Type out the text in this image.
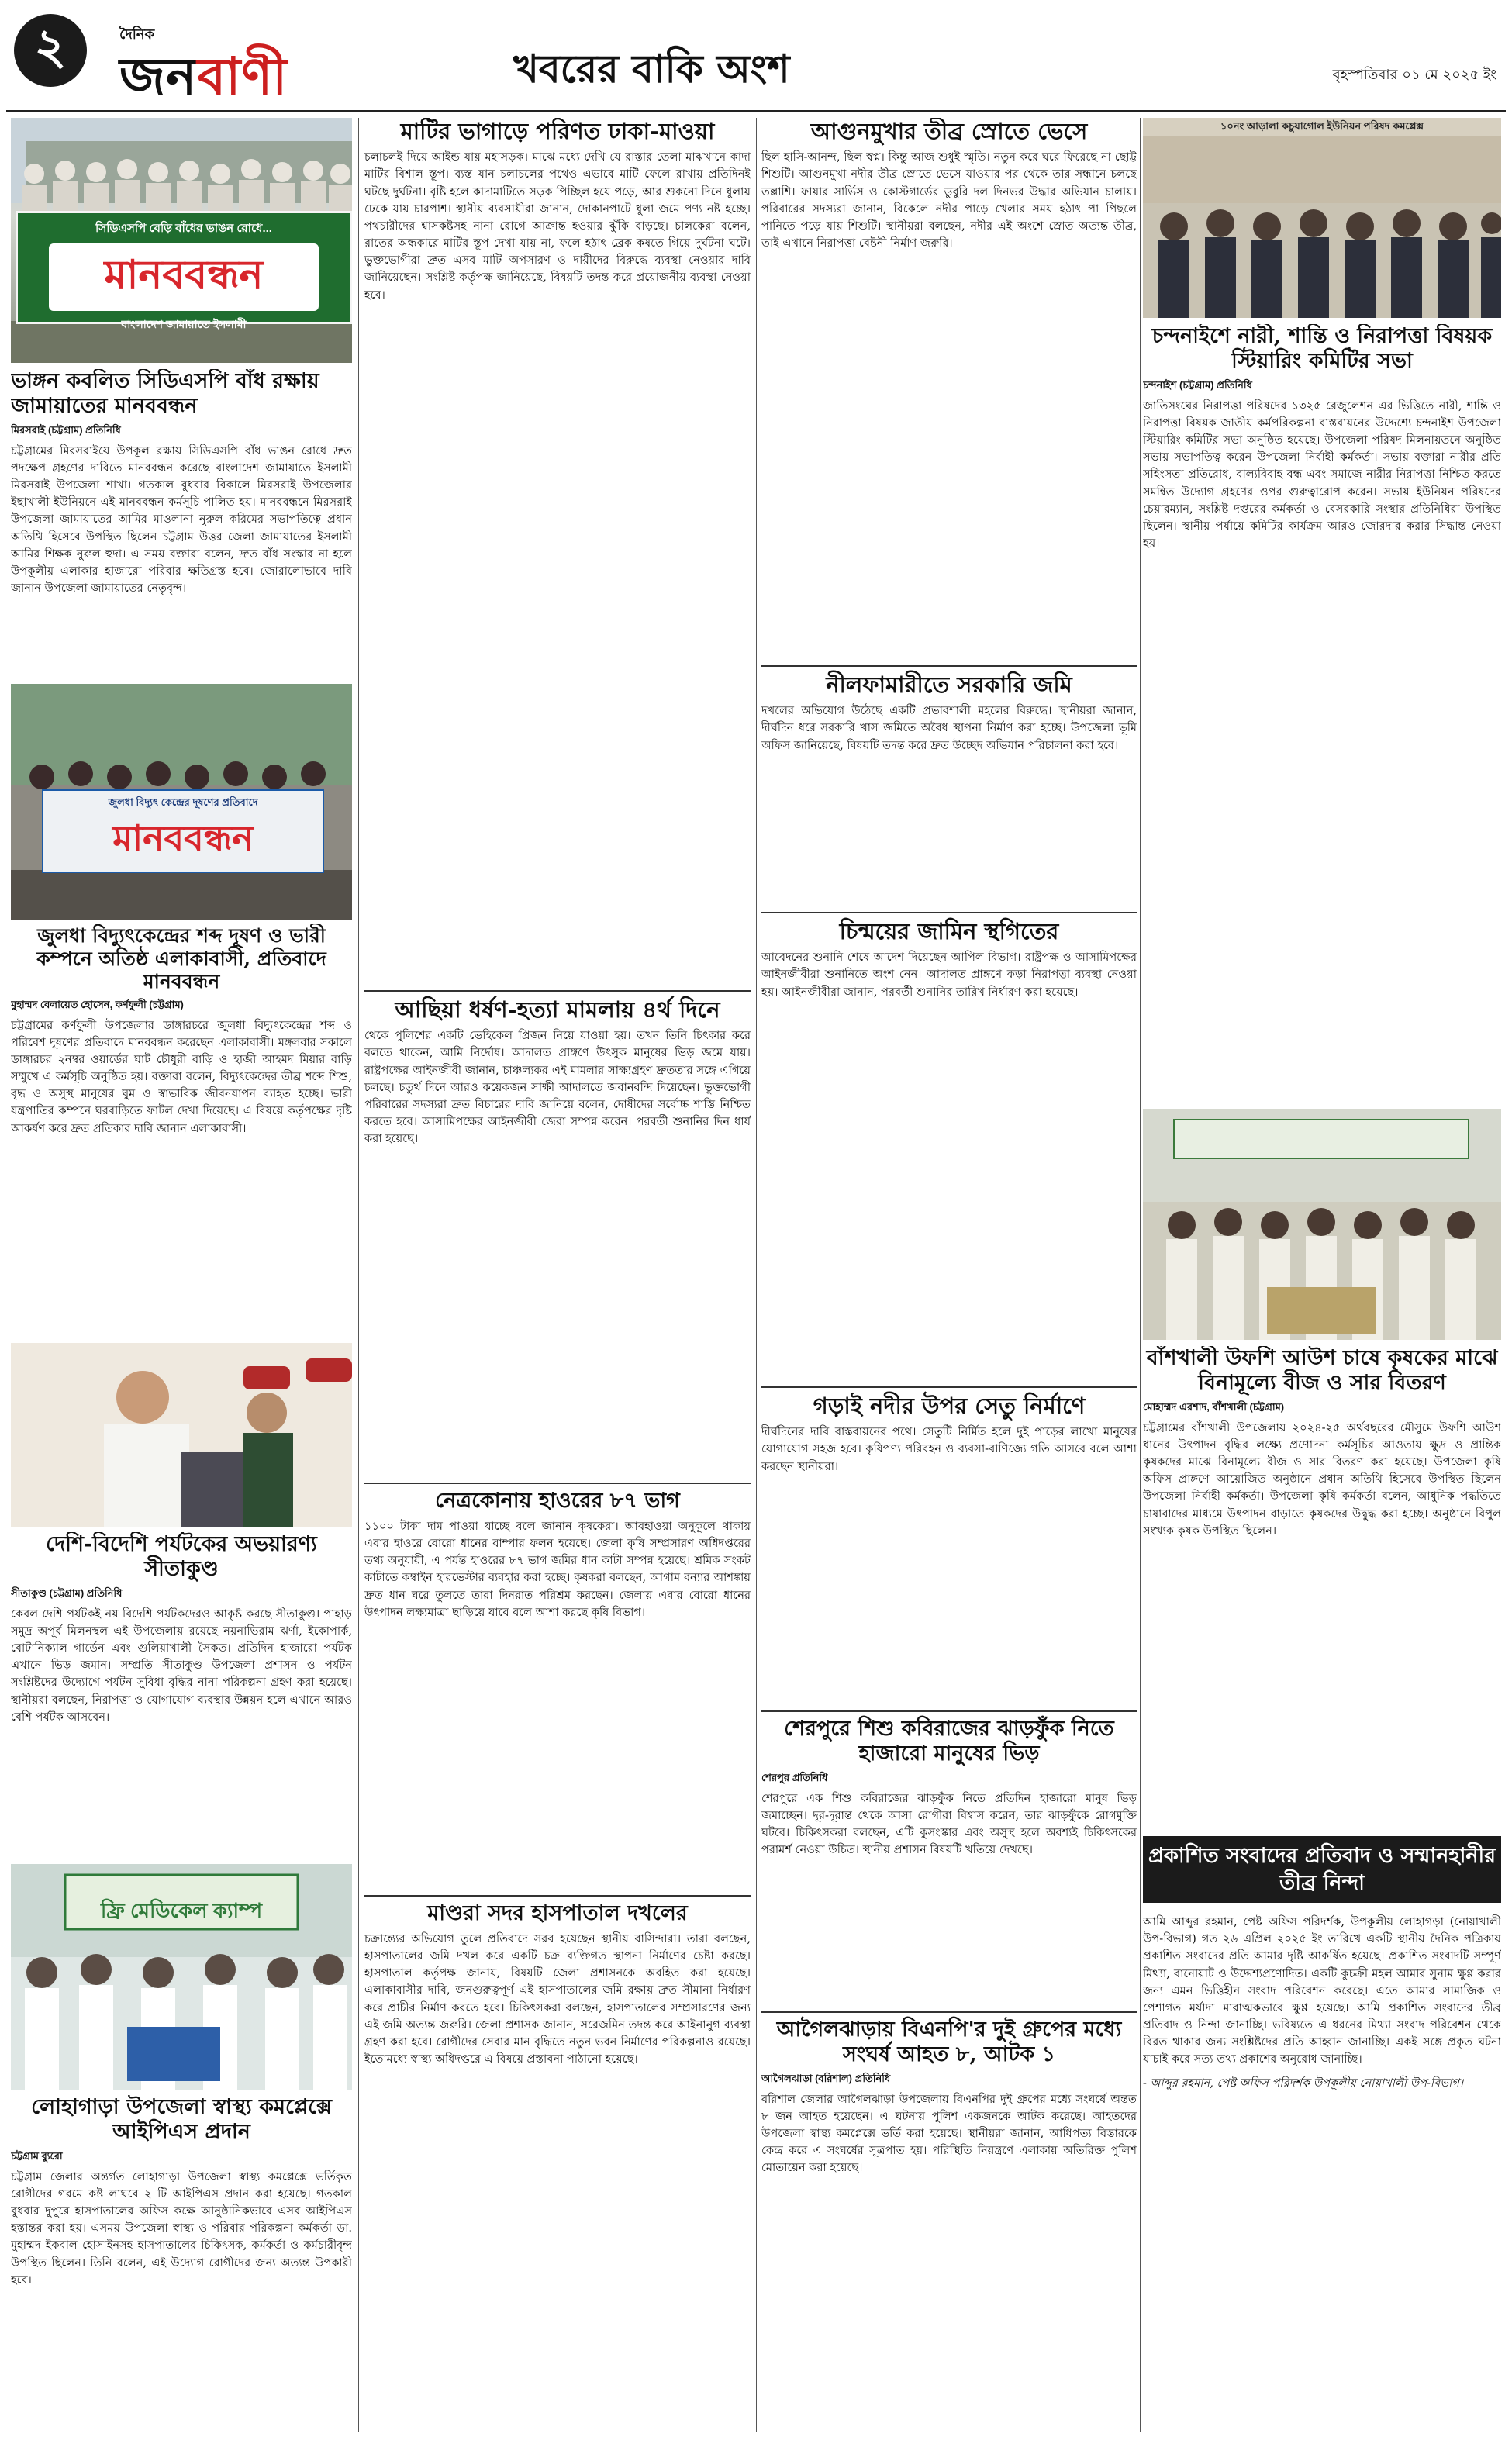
২	দৈনিক
জনবাণী	খবরের বাকি অংশ	বৃহস্পতিবার ০১ মে ২০২৫ ইং
সিডিএসপি বেড়ি বাঁধের ভাঙন রোধে...
মানববন্ধন
বাংলাদেশ জামায়াতে ইসলামী
ভাঙ্গন কবলিত সিডিএসপি বাঁধ রক্ষায় জামায়াতের মানববন্ধন
মিরসরাই (চট্টগ্রাম) প্রতিনিধি

চট্টগ্রামের মিরসরাইয়ে উপকূল রক্ষায় সিডিএসপি বাঁধ ভাঙন রোধে দ্রুত পদক্ষেপ গ্রহণের দাবিতে মানববন্ধন করেছে বাংলাদেশ জামায়াতে ইসলামী মিরসরাই উপজেলা শাখা। গতকাল বুধবার বিকালে মিরসরাই উপজেলার ইছাখালী ইউনিয়নে এই মানববন্ধন কর্মসূচি পালিত হয়। মানববন্ধনে মিরসরাই উপজেলা জামায়াতের আমির মাওলানা নুরুল করিমের সভাপতিত্বে প্রধান অতিথি হিসেবে উপস্থিত ছিলেন চট্টগ্রাম উত্তর জেলা জামায়াতের ইসলামী আমির শিক্ষক নুরুল হুদা। এ সময় বক্তারা বলেন, দ্রুত বাঁধ সংস্কার না হলে উপকূলীয় এলাকার হাজারো পরিবার ক্ষতিগ্রস্ত হবে। জোরালোভাবে দাবি জানান উপজেলা জামায়াতের নেতৃবৃন্দ।

জুলধা বিদ্যুৎ কেন্দ্রের দূষণের প্রতিবাদে
মানববন্ধন
জুলধা বিদ্যুৎকেন্দ্রের শব্দ দূষণ ও ভারী কম্পনে অতিষ্ঠ এলাকাবাসী, প্রতিবাদে মানববন্ধন
মুহাম্মদ বেলায়েত হোসেন, কর্ণফুলী (চট্টগ্রাম)

চট্টগ্রামের কর্ণফুলী উপজেলার ডাঙ্গারচরে জুলধা বিদ্যুৎকেন্দ্রের শব্দ ও পরিবেশ দূষণের প্রতিবাদে মানববন্ধন করেছেন এলাকাবাসী। মঙ্গলবার সকালে ডাঙ্গারচর ২নম্বর ওয়ার্ডের ঘাট চৌধুরী বাড়ি ও হাজী আহমদ মিয়ার বাড়ি সম্মুখে এ কর্মসূচি অনুষ্ঠিত হয়। বক্তারা বলেন, বিদ্যুৎকেন্দ্রের তীব্র শব্দে শিশু, বৃদ্ধ ও অসুস্থ মানুষের ঘুম ও স্বাভাবিক জীবনযাপন ব্যাহত হচ্ছে। ভারী যন্ত্রপাতির কম্পনে ঘরবাড়িতে ফাটল দেখা দিয়েছে। এ বিষয়ে কর্তৃপক্ষের দৃষ্টি আকর্ষণ করে দ্রুত প্রতিকার দাবি জানান এলাকাবাসী।

দেশি-বিদেশি পর্যটকের অভয়ারণ্য সীতাকুণ্ড
সীতাকুণ্ড (চট্টগ্রাম) প্রতিনিধি

কেবল দেশি পর্যটকই নয় বিদেশি পর্যটকদেরও আকৃষ্ট করছে সীতাকুণ্ড। পাহাড় সমুদ্র অপূর্ব মিলনস্থল এই উপজেলায় রয়েছে নয়নাভিরাম ঝর্ণা, ইকোপার্ক, বোটানিক্যাল গার্ডেন এবং গুলিয়াখালী সৈকত। প্রতিদিন হাজারো পর্যটক এখানে ভিড় জমান। সম্প্রতি সীতাকুণ্ড উপজেলা প্রশাসন ও পর্যটন সংশ্লিষ্টদের উদ্যোগে পর্যটন সুবিধা বৃদ্ধির নানা পরিকল্পনা গ্রহণ করা হয়েছে। স্থানীয়রা বলছেন, নিরাপত্তা ও যোগাযোগ ব্যবস্থার উন্নয়ন হলে এখানে আরও বেশি পর্যটক আসবেন।

ফ্রি মেডিকেল ক্যাম্প
লোহাগাড়া উপজেলা স্বাস্থ্য কমপ্লেক্সে আইপিএস প্রদান
চট্টগ্রাম ব্যুরো

চট্টগ্রাম জেলার অন্তর্গত লোহাগাড়া উপজেলা স্বাস্থ্য কমপ্লেক্সে ভর্তিকৃত রোগীদের গরমে কষ্ট লাঘবে ২ টি আইপিএস প্রদান করা হয়েছে। গতকাল বুধবার দুপুরে হাসপাতালের অফিস কক্ষে আনুষ্ঠানিকভাবে এসব আইপিএস হস্তান্তর করা হয়। এসময় উপজেলা স্বাস্থ্য ও পরিবার পরিকল্পনা কর্মকর্তা ডা. মুহাম্মদ ইকবাল হোসাইনসহ হাসপাতালের চিকিৎসক, কর্মকর্তা ও কর্মচারীবৃন্দ উপস্থিত ছিলেন। তিনি বলেন, এই উদ্যোগ রোগীদের জন্য অত্যন্ত উপকারী হবে।

মাটির ভাগাড়ে পরিণত ঢাকা-মাওয়া

চলাচলই দিয়ে আইন্ড যায় মহাসড়ক। মাঝে মধ্যে দেখি যে রাস্তার তেলা মাঝখানে কাদা মাটির বিশাল স্তূপ। ব্যস্ত যান চলাচলের পথেও এভাবে মাটি ফেলে রাখায় প্রতিদিনই ঘটছে দুর্ঘটনা। বৃষ্টি হলে কাদামাটিতে সড়ক পিচ্ছিল হয়ে পড়ে, আর শুকনো দিনে ধুলায় ঢেকে যায় চারপাশ। স্থানীয় ব্যবসায়ীরা জানান, দোকানপাটে ধুলা জমে পণ্য নষ্ট হচ্ছে। পথচারীদের শ্বাসকষ্টসহ নানা রোগে আক্রান্ত হওয়ার ঝুঁকি বাড়ছে। চালকেরা বলেন, রাতের অন্ধকারে মাটির স্তূপ দেখা যায় না, ফলে হঠাৎ ব্রেক কষতে গিয়ে দুর্ঘটনা ঘটে। ভুক্তভোগীরা দ্রুত এসব মাটি অপসারণ ও দায়ীদের বিরুদ্ধে ব্যবস্থা নেওয়ার দাবি জানিয়েছেন। সংশ্লিষ্ট কর্তৃপক্ষ জানিয়েছে, বিষয়টি তদন্ত করে প্রয়োজনীয় ব্যবস্থা নেওয়া হবে।

আছিয়া ধর্ষণ-হত্যা মামলায় ৪র্থ দিনে

থেকে পুলিশের একটি ভেহিকেল প্রিজন নিয়ে যাওয়া হয়। তখন তিনি চিৎকার করে বলতে থাকেন, আমি নির্দোষ। আদালত প্রাঙ্গণে উৎসুক মানুষের ভিড় জমে যায়। রাষ্ট্রপক্ষের আইনজীবী জানান, চাঞ্চল্যকর এই মামলার সাক্ষ্যগ্রহণ দ্রুততার সঙ্গে এগিয়ে চলছে। চতুর্থ দিনে আরও কয়েকজন সাক্ষী আদালতে জবানবন্দি দিয়েছেন। ভুক্তভোগী পরিবারের সদস্যরা দ্রুত বিচারের দাবি জানিয়ে বলেন, দোষীদের সর্বোচ্চ শাস্তি নিশ্চিত করতে হবে। আসামিপক্ষের আইনজীবী জেরা সম্পন্ন করেন। পরবর্তী শুনানির দিন ধার্য করা হয়েছে।

নেত্রকোনায় হাওরের ৮৭ ভাগ

১১০০ টাকা দাম পাওয়া যাচ্ছে বলে জানান কৃষকেরা। আবহাওয়া অনুকূলে থাকায় এবার হাওরে বোরো ধানের বাম্পার ফলন হয়েছে। জেলা কৃষি সম্প্রসারণ অধিদপ্তরের তথ্য অনুযায়ী, এ পর্যন্ত হাওরের ৮৭ ভাগ জমির ধান কাটা সম্পন্ন হয়েছে। শ্রমিক সংকট কাটাতে কম্বাইন হারভেস্টার ব্যবহার করা হচ্ছে। কৃষকরা বলছেন, আগাম বন্যার আশঙ্কায় দ্রুত ধান ঘরে তুলতে তারা দিনরাত পরিশ্রম করছেন। জেলায় এবার বোরো ধানের উৎপাদন লক্ষ্যমাত্রা ছাড়িয়ে যাবে বলে আশা করছে কৃষি বিভাগ।

মাণ্ডরা সদর হাসপাতাল দখলের

চক্রান্ত্যের অভিযোগ তুলে প্রতিবাদে সরব হয়েছেন স্থানীয় বাসিন্দারা। তারা বলছেন, হাসপাতালের জমি দখল করে একটি চক্র ব্যক্তিগত স্থাপনা নির্মাণের চেষ্টা করছে। হাসপাতাল কর্তৃপক্ষ জানায়, বিষয়টি জেলা প্রশাসনকে অবহিত করা হয়েছে। এলাকাবাসীর দাবি, জনগুরুত্বপূর্ণ এই হাসপাতালের জমি রক্ষায় দ্রুত সীমানা নির্ধারণ করে প্রাচীর নির্মাণ করতে হবে। চিকিৎসকরা বলছেন, হাসপাতালের সম্প্রসারণের জন্য এই জমি অত্যন্ত জরুরি। জেলা প্রশাসক জানান, সরেজমিন তদন্ত করে আইনানুগ ব্যবস্থা গ্রহণ করা হবে। রোগীদের সেবার মান বৃদ্ধিতে নতুন ভবন নির্মাণের পরিকল্পনাও রয়েছে। ইতোমধ্যে স্বাস্থ্য অধিদপ্তরে এ বিষয়ে প্রস্তাবনা পাঠানো হয়েছে।

আগুনমুখার তীব্র স্রোতে ভেসে

ছিল হাসি-আনন্দ, ছিল স্বপ্ন। কিন্তু আজ শুধুই স্মৃতি। নতুন করে ঘরে ফিরেছে না ছোট্ট শিশুটি। আগুনমুখা নদীর তীব্র স্রোতে ভেসে যাওয়ার পর থেকে তার সন্ধানে চলছে তল্লাশি। ফায়ার সার্ভিস ও কোস্টগার্ডের ডুবুরি দল দিনভর উদ্ধার অভিযান চালায়। পরিবারের সদস্যরা জানান, বিকেলে নদীর পাড়ে খেলার সময় হঠাৎ পা পিছলে পানিতে পড়ে যায় শিশুটি। স্থানীয়রা বলছেন, নদীর এই অংশে স্রোত অত্যন্ত তীব্র, তাই এখানে নিরাপত্তা বেষ্টনী নির্মাণ জরুরি।

নীলফামারীতে সরকারি জমি

দখলের অভিযোগ উঠেছে একটি প্রভাবশালী মহলের বিরুদ্ধে। স্থানীয়রা জানান, দীর্ঘদিন ধরে সরকারি খাস জমিতে অবৈধ স্থাপনা নির্মাণ করা হচ্ছে। উপজেলা ভূমি অফিস জানিয়েছে, বিষয়টি তদন্ত করে দ্রুত উচ্ছেদ অভিযান পরিচালনা করা হবে।

চিন্ময়ের জামিন স্থগিতের

আবেদনের শুনানি শেষে আদেশ দিয়েছেন আপিল বিভাগ। রাষ্ট্রপক্ষ ও আসামিপক্ষের আইনজীবীরা শুনানিতে অংশ নেন। আদালত প্রাঙ্গণে কড়া নিরাপত্তা ব্যবস্থা নেওয়া হয়। আইনজীবীরা জানান, পরবর্তী শুনানির তারিখ নির্ধারণ করা হয়েছে।

গড়াই নদীর উপর সেতু নির্মাণে

দীর্ঘদিনের দাবি বাস্তবায়নের পথে। সেতুটি নির্মিত হলে দুই পাড়ের লাখো মানুষের যোগাযোগ সহজ হবে। কৃষিপণ্য পরিবহন ও ব্যবসা-বাণিজ্যে গতি আসবে বলে আশা করছেন স্থানীয়রা।

শেরপুরে শিশু কবিরাজের ঝাড়ফুঁক নিতে হাজারো মানুষের ভিড়
শেরপুর প্রতিনিধি

শেরপুরে এক শিশু কবিরাজের ঝাড়ফুঁক নিতে প্রতিদিন হাজারো মানুষ ভিড় জমাচ্ছেন। দূর-দূরান্ত থেকে আসা রোগীরা বিশ্বাস করেন, তার ঝাড়ফুঁকে রোগমুক্তি ঘটবে। চিকিৎসকরা বলছেন, এটি কুসংস্কার এবং অসুস্থ হলে অবশ্যই চিকিৎসকের পরামর্শ নেওয়া উচিত। স্থানীয় প্রশাসন বিষয়টি খতিয়ে দেখছে।

আগৈলঝাড়ায় বিএনপি'র দুই গ্রুপের মধ্যে সংঘর্ষ আহত ৮, আটক ১
আগৈলঝাড়া (বরিশাল) প্রতিনিধি

বরিশাল জেলার আগৈলঝাড়া উপজেলায় বিএনপির দুই গ্রুপের মধ্যে সংঘর্ষে অন্তত ৮ জন আহত হয়েছেন। এ ঘটনায় পুলিশ একজনকে আটক করেছে। আহতদের উপজেলা স্বাস্থ্য কমপ্লেক্সে ভর্তি করা হয়েছে। স্থানীয়রা জানান, আধিপত্য বিস্তারকে কেন্দ্র করে এ সংঘর্ষের সূত্রপাত হয়। পরিস্থিতি নিয়ন্ত্রণে এলাকায় অতিরিক্ত পুলিশ মোতায়েন করা হয়েছে।

১০নং আড়ালা কচুয়াগোল ইউনিয়ন পরিষদ কমপ্লেক্স
চন্দনাইশে নারী, শান্তি ও নিরাপত্তা বিষয়ক স্টিয়ারিং কমিটির সভা
চন্দনাইশ (চট্টগ্রাম) প্রতিনিধি

জাতিসংঘের নিরাপত্তা পরিষদের ১৩২৫ রেজুলেশন এর ভিত্তিতে নারী, শান্তি ও নিরাপত্তা বিষয়ক জাতীয় কর্মপরিকল্পনা বাস্তবায়নের উদ্দেশ্যে চন্দনাইশ উপজেলা স্টিয়ারিং কমিটির সভা অনুষ্ঠিত হয়েছে। উপজেলা পরিষদ মিলনায়তনে অনুষ্ঠিত সভায় সভাপতিত্ব করেন উপজেলা নির্বাহী কর্মকর্তা। সভায় বক্তারা নারীর প্রতি সহিংসতা প্রতিরোধ, বাল্যবিবাহ বন্ধ এবং সমাজে নারীর নিরাপত্তা নিশ্চিত করতে সমন্বিত উদ্যোগ গ্রহণের ওপর গুরুত্বারোপ করেন। সভায় ইউনিয়ন পরিষদের চেয়ারম্যান, সংশ্লিষ্ট দপ্তরের কর্মকর্তা ও বেসরকারি সংস্থার প্রতিনিধিরা উপস্থিত ছিলেন। স্থানীয় পর্যায়ে কমিটির কার্যক্রম আরও জোরদার করার সিদ্ধান্ত নেওয়া হয়।

বাঁশখালী উফশি আউশ চাষে কৃষকের মাঝে বিনামূল্যে বীজ ও সার বিতরণ
মোহাম্মদ এরশাদ, বাঁশখালী (চট্টগ্রাম)

চট্টগ্রামের বাঁশখালী উপজেলায় ২০২৪-২৫ অর্থবছরের মৌসুমে উফশি আউশ ধানের উৎপাদন বৃদ্ধির লক্ষ্যে প্রণোদনা কর্মসূচির আওতায় ক্ষুদ্র ও প্রান্তিক কৃষকদের মাঝে বিনামূল্যে বীজ ও সার বিতরণ করা হয়েছে। উপজেলা কৃষি অফিস প্রাঙ্গণে আয়োজিত অনুষ্ঠানে প্রধান অতিথি হিসেবে উপস্থিত ছিলেন উপজেলা নির্বাহী কর্মকর্তা। উপজেলা কৃষি কর্মকর্তা বলেন, আধুনিক পদ্ধতিতে চাষাবাদের মাধ্যমে উৎপাদন বাড়াতে কৃষকদের উদ্বুদ্ধ করা হচ্ছে। অনুষ্ঠানে বিপুল সংখ্যক কৃষক উপস্থিত ছিলেন।

প্রকাশিত সংবাদের প্রতিবাদ ও সম্মানহানীর তীব্র নিন্দা

আমি আব্দুর রহমান, পেষ্ট অফিস পরিদর্শক, উপকূলীয় লোহাগড়া (নোয়াখালী উপ-বিভাগ) গত ২৬ এপ্রিল ২০২৫ ইং তারিখে একটি স্থানীয় দৈনিক পত্রিকায় প্রকাশিত সংবাদের প্রতি আমার দৃষ্টি আকর্ষিত হয়েছে। প্রকাশিত সংবাদটি সম্পূর্ণ মিথ্যা, বানোয়াট ও উদ্দেশ্যপ্রণোদিত। একটি কুচক্রী মহল আমার সুনাম ক্ষুণ্ণ করার জন্য এমন ভিত্তিহীন সংবাদ পরিবেশন করেছে। এতে আমার সামাজিক ও পেশাগত মর্যাদা মারাত্মকভাবে ক্ষুণ্ণ হয়েছে। আমি প্রকাশিত সংবাদের তীব্র প্রতিবাদ ও নিন্দা জানাচ্ছি। ভবিষ্যতে এ ধরনের মিথ্যা সংবাদ পরিবেশন থেকে বিরত থাকার জন্য সংশ্লিষ্টদের প্রতি আহ্বান জানাচ্ছি। একই সঙ্গে প্রকৃত ঘটনা যাচাই করে সত্য তথ্য প্রকাশের অনুরোধ জানাচ্ছি।

- আব্দুর রহমান, পেষ্ট অফিস পরিদর্শক উপকূলীয় নোয়াখালী উপ-বিভাগ।
